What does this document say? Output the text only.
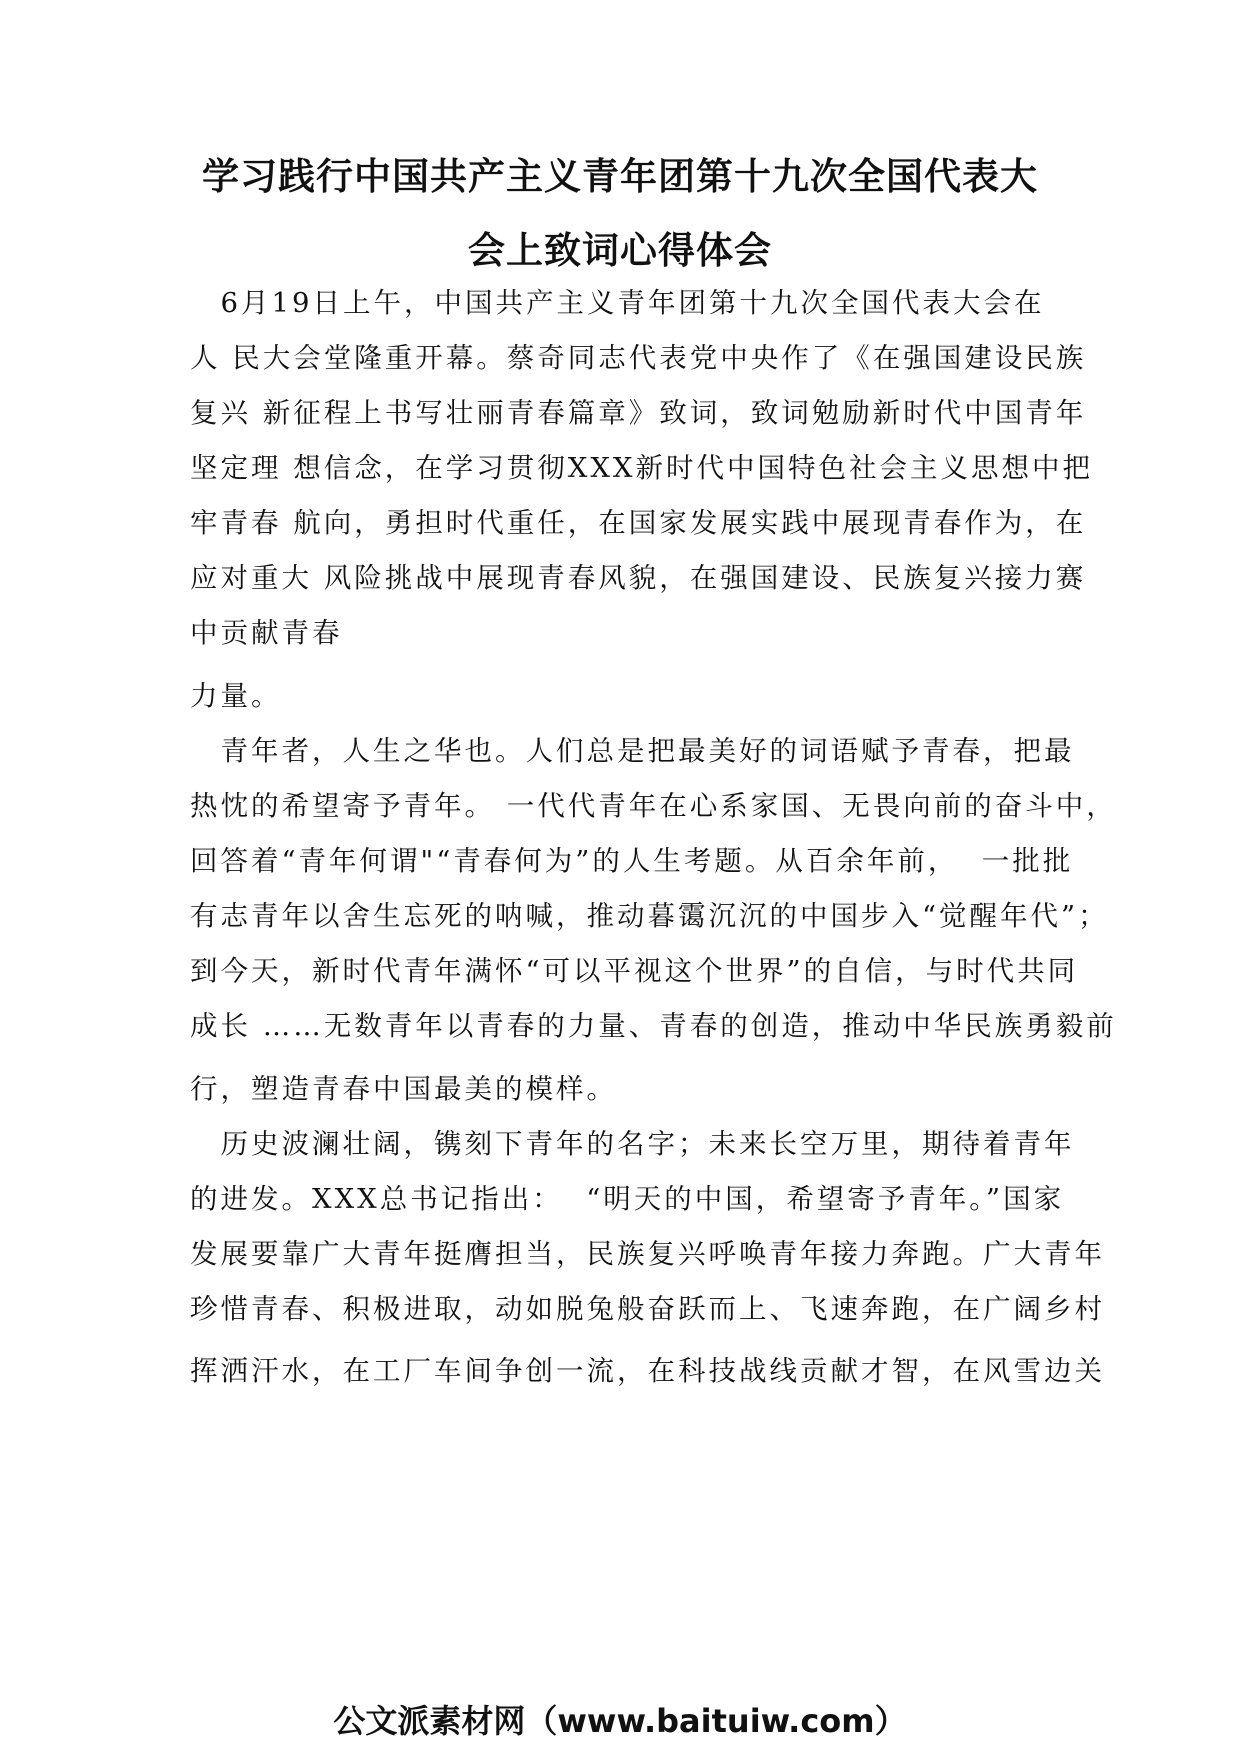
学习践行中国共产主义青年团第十九次全国代表大
会上致词心得体会
　6月19日上午，中国共产主义青年团第十九次全国代表大会在
人 民大会堂隆重开幕。蔡奇同志代表党中央作了《在强国建设民族
复兴 新征程上书写壮丽青春篇章》致词，致词勉励新时代中国青年
坚定理 想信念，在学习贯彻XXX新时代中国特色社会主义思想中把
牢青春 航向，勇担时代重任，在国家发展实践中展现青春作为，在
应对重大 风险挑战中展现青春风貌，在强国建设、民族复兴接力赛
中贡献青春
力量。
　青年者，人生之华也。人们总是把最美好的词语赋予青春，把最
热忱的希望寄予青年。 一代代青年在心系家国、无畏向前的奋斗中，
回答着“青年何谓"“青春何为”的人生考题。从百余年前，  一批批
有志青年以舍生忘死的呐喊，推动暮霭沉沉的中国步入“觉醒年代”；
到今天，新时代青年满怀“可以平视这个世界”的自信，与时代共同
成长 ……无数青年以青春的力量、青春的创造，推动中华民族勇毅前
行，塑造青春中国最美的模样。
　历史波澜壮阔，镌刻下青年的名字；未来长空万里，期待着青年
的进发。XXX总书记指出：  “明天的中国，希望寄予青年。”国家
发展要靠广大青年挺膺担当，民族复兴呼唤青年接力奔跑。广大青年
珍惜青春、积极进取，动如脱兔般奋跃而上、飞速奔跑，在广阔乡村
挥洒汗水，在工厂车间争创一流，在科技战线贡献才智，在风雪边关
公文派素材网（www.baituiw.com）
